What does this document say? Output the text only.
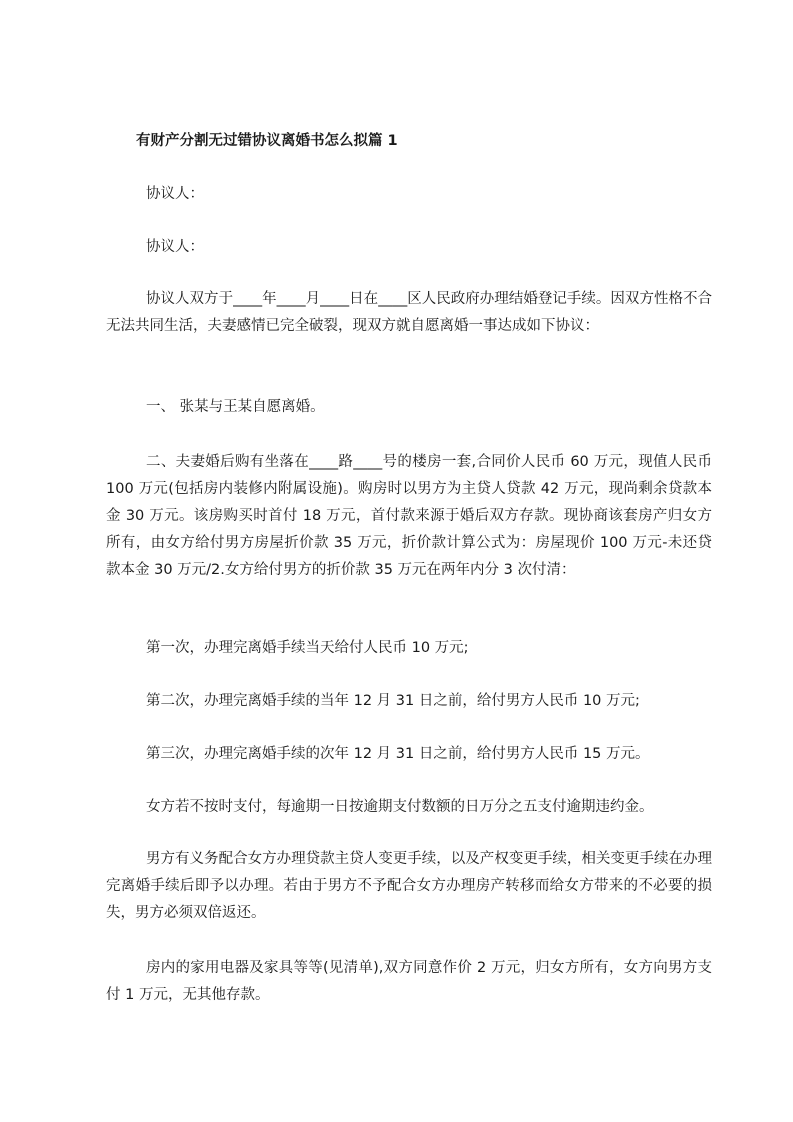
有财产分割无过错协议离婚书怎么拟篇 1
协议人：
协议人：

协议人双方于____年____月____日在____区人民政府办理结婚登记手续。因双方性格不合无法共同生活，夫妻感情已完全破裂，现双方就自愿离婚一事达成如下协议：

一、 张某与王某自愿离婚。

二、夫妻婚后购有坐落在____路____号的楼房一套,合同价人民币 60 万元，现值人民币 100 万元(包括房内装修内附属设施)。购房时以男方为主贷人贷款 42 万元，现尚剩余贷款本金 30 万元。该房购买时首付 18 万元，首付款来源于婚后双方存款。现协商该套房产归女方所有，由女方给付男方房屋折价款 35 万元，折价款计算公式为：房屋现价 100 万元-未还贷款本金 30 万元/2.女方给付男方的折价款 35 万元在两年内分 3 次付清：

第一次，办理完离婚手续当天给付人民币 10 万元;
第二次，办理完离婚手续的当年 12 月 31 日之前，给付男方人民币 10 万元;
第三次，办理完离婚手续的次年 12 月 31 日之前，给付男方人民币 15 万元。
女方若不按时支付，每逾期一日按逾期支付数额的日万分之五支付逾期违约金。

男方有义务配合女方办理贷款主贷人变更手续，以及产权变更手续，相关变更手续在办理完离婚手续后即予以办理。若由于男方不予配合女方办理房产转移而给女方带来的不必要的损失，男方必须双倍返还。

房内的家用电器及家具等等(见清单),双方同意作价 2 万元，归女方所有，女方向男方支付 1 万元，无其他存款。
